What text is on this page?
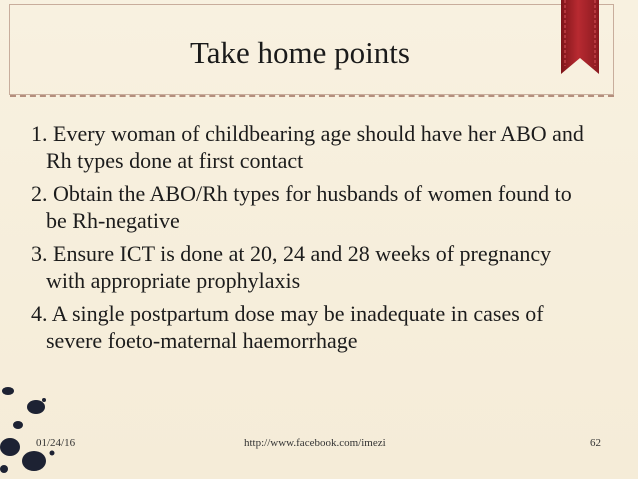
Take home points
1. Every woman of childbearing age should have her ABO and Rh types done at first contact
2. Obtain the ABO/Rh types for husbands of women found to be Rh-negative
3. Ensure ICT is done at 20, 24 and 28 weeks of pregnancy with appropriate prophylaxis
4. A single postpartum dose may be inadequate in cases of severe foeto-maternal haemorrhage
01/24/16	http://www.facebook.com/imezi	62
